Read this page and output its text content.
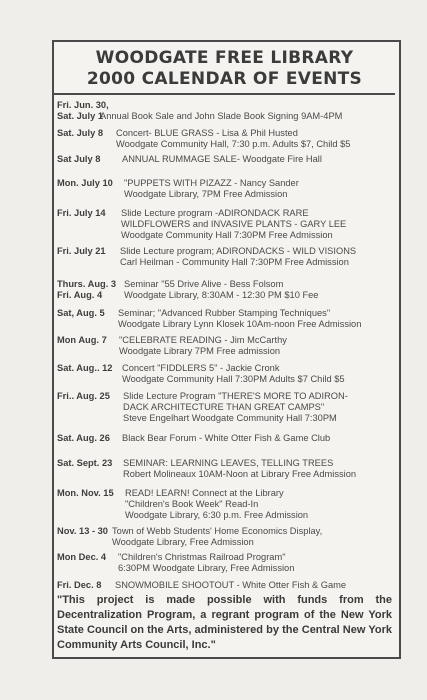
WOODGATE FREE LIBRARY
2000 CALENDAR OF EVENTS
Fri. Jun. 30,
Sat. July 1
Annual Book Sale and John Slade Book Signing 9AM-4PM
Sat. July 8 Concert- BLUE GRASS - Lisa & Phil Husted
Woodgate Community Hall, 7:30 p.m. Adults $7, Child $5
Sat July 8 ANNUAL RUMMAGE SALE- Woodgate Fire Hall
Mon. July 10 "PUPPETS WITH PIZAZZ - Nancy Sander
Woodgate Library, 7PM Free Admission
Fri. July 14 Slide Lecture program -ADIRONDACK RARE
WILDFLOWERS and INVASIVE PLANTS - GARY LEE
Woodgate Community Hall 7:30PM Free Admission
Fri. July 21 Slide Lecture program; ADIRONDACKS - WILD VISIONS
Carl Heilman - Community Hall 7:30PM Free Admission
Thurs. Aug. 3
Fri. Aug. 4
Seminar "55 Drive Alive - Bess Folsom
Woodgate Library, 8:30AM - 12:30 PM $10 Fee
Sat, Aug. 5 Seminar; "Advanced Rubber Stamping Techniques"
Woodgate Library Lynn Klosek 10Am-noon Free Admission
Mon Aug. 7 "CELEBRATE READING - Jim McCarthy
Woodgate Library 7PM Free admission
Sat. Aug.. 12 Concert "FIDDLERS 5" - Jackie Cronk
Woodgate Community Hall 7:30PM Adults $7 Child $5
Fri.. Aug. 25 Slide Lecture Program "THERE'S MORE TO ADIRON-
DACK ARCHITECTURE THAN GREAT CAMPS"
Steve Engelhart Woodgate Community Hall 7:30PM
Sat. Aug. 26 Black Bear Forum - White Otter Fish & Game Club
Sat. Sept. 23 SEMINAR: LEARNING LEAVES, TELLING TREES
Robert Molineaux 10AM-Noon at Library Free Admission
Mon. Nov. 15 READ! LEARN! Connect at the Library
"Children's Book Week" Read-In
Woodgate Library, 6:30 p.m. Free Admission
Nov. 13 - 30 Town of Webb Students' Home Economics Display,
Woodgate Library, Free Admission
Mon Dec. 4 "Children's Christmas Railroad Program"
6:30PM Woodgate Library, Free Admission
Fri. Dec. 8 SNOWMOBILE SHOOTOUT - White Otter Fish & Game
"This project is made possible with funds from the Decentralization Program, a regrant program of the New York State Council on the Arts, administered by the Central New York Community Arts Council, Inc."
